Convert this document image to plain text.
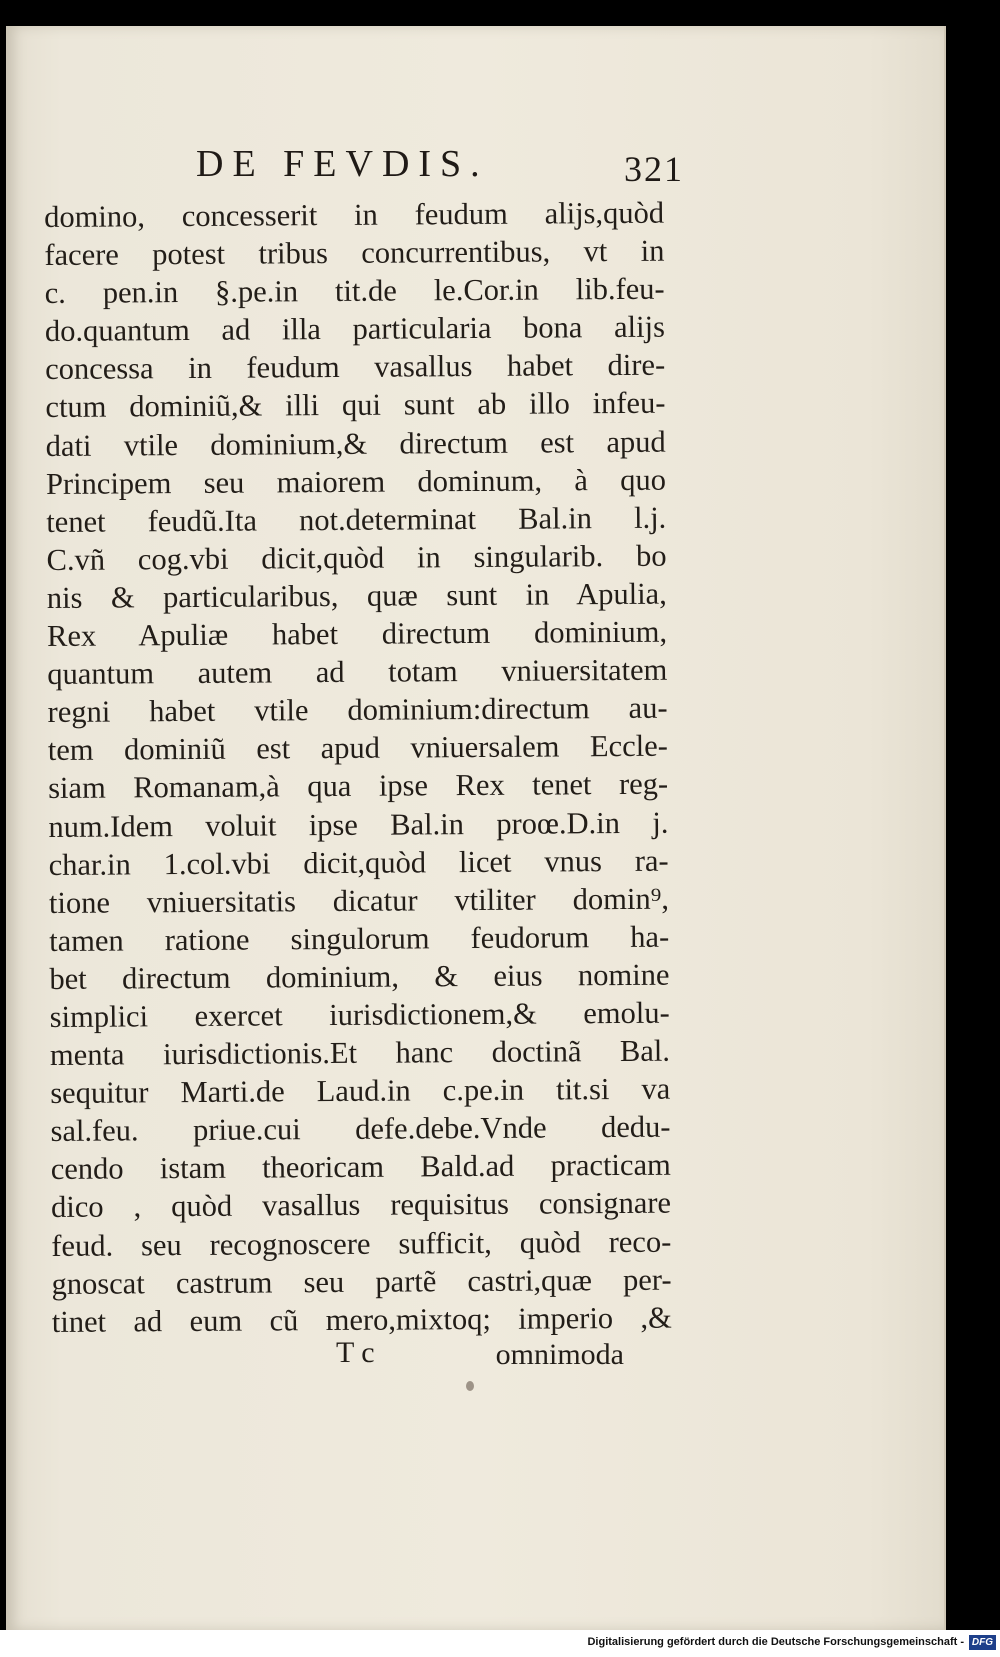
DE FEVDIS.	321
domino, concesserit in feudum alijs,quòd
facere potest tribus concurrentibus, vt in
c. pen.in §.pe.in tit.de le.Cor.in lib.feu-
do.quantum ad illa particularia bona alijs
concessa in feudum vasallus habet dire-
ctum dominiũ,& illi qui sunt ab illo infeu-
dati vtile dominium,& directum est apud
Principem seu maiorem dominum, à quo
tenet feudũ.Ita not.determinat Bal.in l.j.
C.vñ cog.vbi dicit,quòd in singularib. bo
nis & particularibus, quæ sunt in Apulia,
Rex Apuliæ habet directum dominium,
quantum autem ad totam vniuersitatem
regni habet vtile dominium:directum au-
tem dominiũ est apud vniuersalem Eccle-
siam Romanam,à qua ipse Rex tenet reg-
num.Idem voluit ipse Bal.in proœ.D.in j.
char.in 1.col.vbi dicit,quòd licet vnus ra-
tione vniuersitatis dicatur vtiliter domin⁹,
tamen ratione singulorum feudorum ha-
bet directum dominium, & eius nomine
simplici exercet iurisdictionem,& emolu-
menta iurisdictionis.Et hanc doctinã Bal.
sequitur Marti.de Laud.in c.pe.in tit.si va
sal.feu. priue.cui defe.debe.Vnde dedu-
cendo istam theoricam Bald.ad practicam
dico , quòd vasallus requisitus consignare
feud. seu recognoscere sufficit, quòd reco-
gnoscat castrum seu partẽ castri,quæ per-
tinet ad eum cũ mero,mixtoq; imperio ,&
T c	omnimoda
Digitalisierung gefördert durch die Deutsche Forschungsgemeinschaft - DFG
